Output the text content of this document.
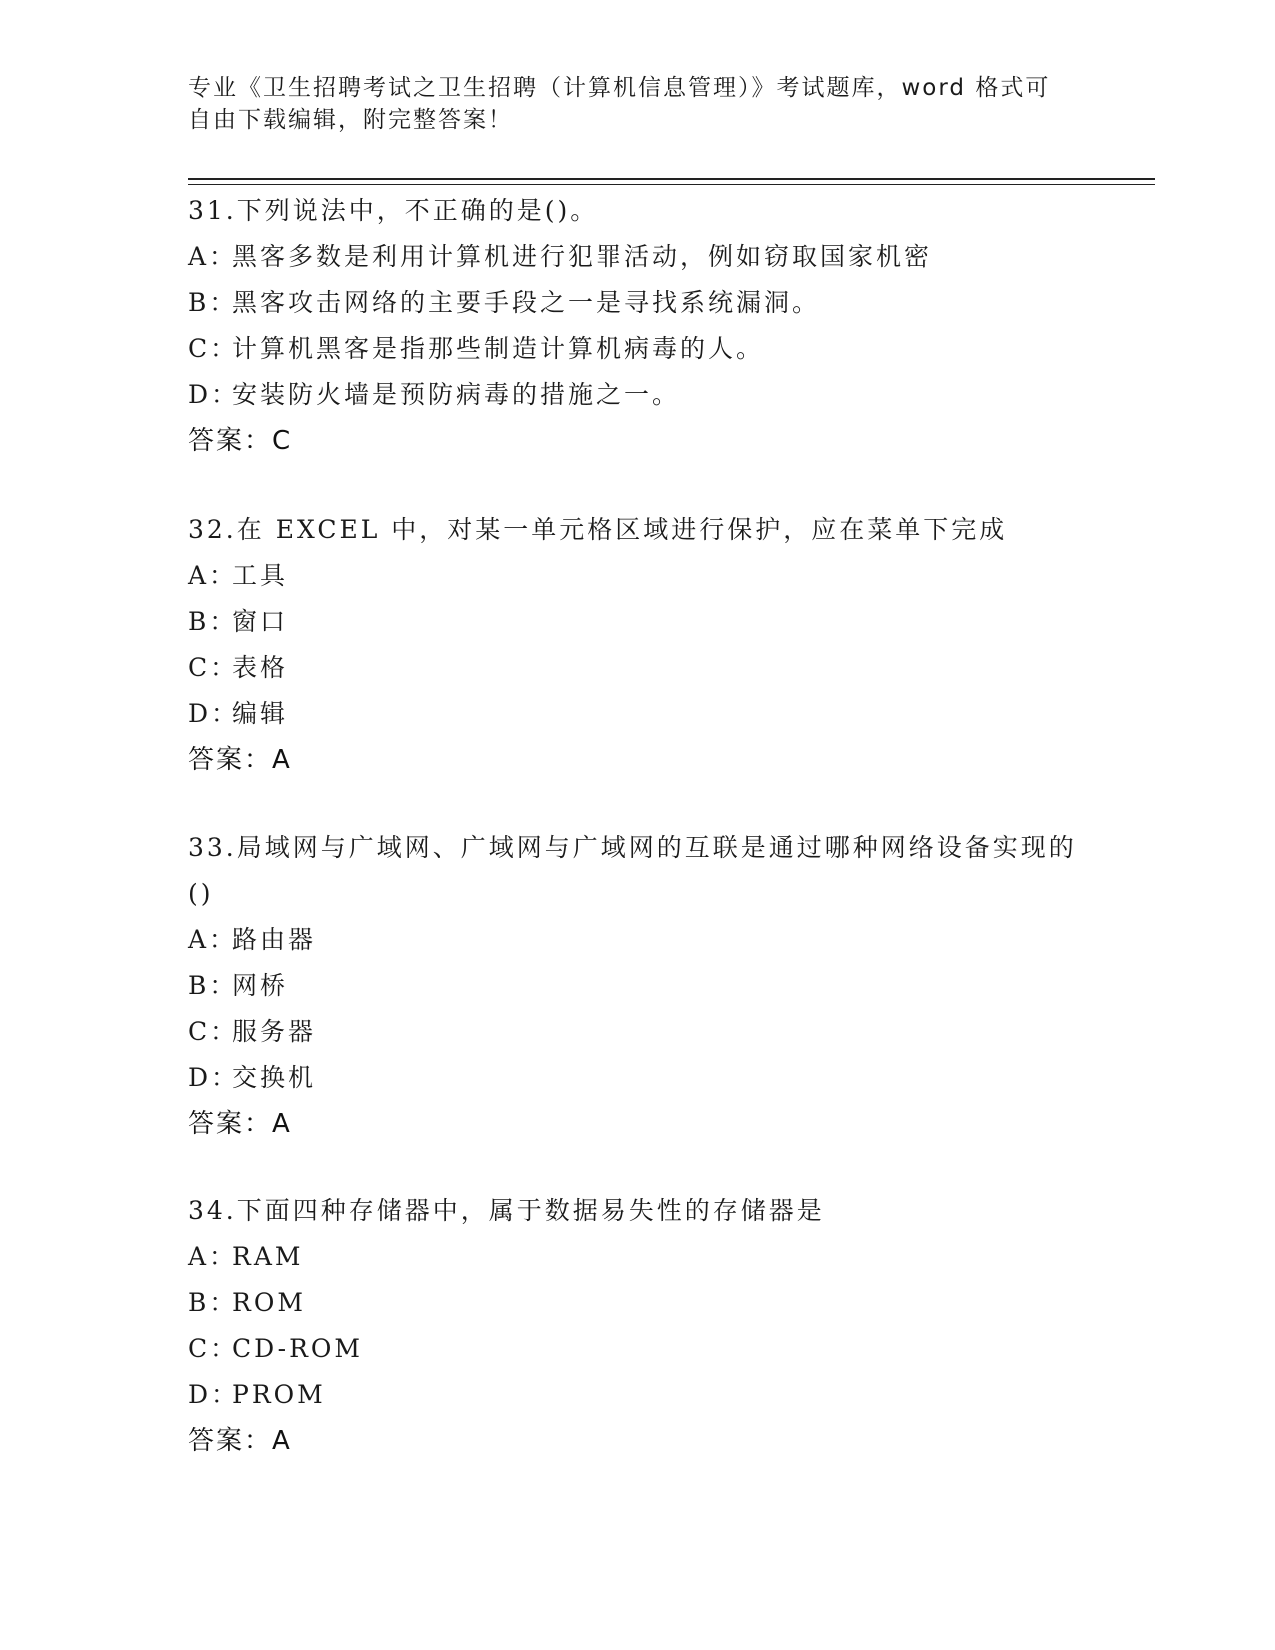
专业《卫生招聘考试之卫生招聘（计算机信息管理）》考试题库，word 格式可自由下载编辑，附完整答案！
31.下列说法中，不正确的是()。
A：黑客多数是利用计算机进行犯罪活动，例如窃取国家机密
B：黑客攻击网络的主要手段之一是寻找系统漏洞。
C：计算机黑客是指那些制造计算机病毒的人。
D：安装防火墙是预防病毒的措施之一。
答案：C
32.在 EXCEL 中，对某一单元格区域进行保护，应在菜单下完成
A：工具
B：窗口
C：表格
D：编辑
答案：A
33.局域网与广域网、广域网与广域网的互联是通过哪种网络设备实现的()
A：路由器
B：网桥
C：服务器
D：交换机
答案：A
34.下面四种存储器中，属于数据易失性的存储器是
A：RAM
B：ROM
C：CD-ROM
D：PROM
答案：A
